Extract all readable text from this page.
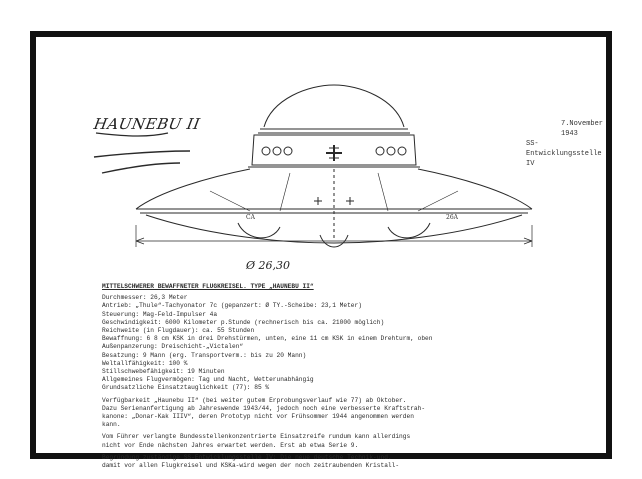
CA	26A
HAUNEBU II	7.November 1943
SS-Entwicklungsstelle IV
Ø 26,30
MITTELSCHWERER BEWAFFNETER FLUGKREISEL. TYPE „HAUNEBU II“
Durchmesser: 26,3 Meter
Antrieb: „Thule“-Tachyonator 7c (gepanzert: Ø TY.-Scheibe: 23,1 Meter)
Steuerung: Mag-Feld-Impulser 4a
Geschwindigkeit: 6000 Kilometer p.Stunde (rechnerisch bis ca. 21000 möglich)
Reichweite (in Flugdauer): ca. 55 Stunden
Bewaffnung: 6 8 cm KSK in drei Drehstürmen, unten, eine 11 cm KSK in einem Drehturm, oben
Außenpanzerung: Dreischicht-„Victalen“
Besatzung: 9 Mann (erg. Transportverm.: bis zu 20 Mann)
Weltallfähigkeit: 100 %
Stillschwebefähigkeit: 19 Minuten
Allgemeines Flugvermögen: Tag und Nacht, Wetterunabhängig
Grundsatzliche Einsatztauglichkeit (77): 85 %
Verfügbarkeit „Haunebu II“ (bei weiter gutem Erprobungsverlauf wie 77) ab Oktober.
Dazu Serienanfertigung ab Jahreswende 1943/44, jedoch noch eine verbesserte Kraftstrah-
kanone: „Donar-Kak IIIV“, deren Prototyp nicht vor Frühsommer 1944 angenommen werden
kann.
Vom Führer verlangte Bundesstellenkonzentrierte Einsatzreife rundum kann allerdings
nicht vor Ende nächsten Jahres erwartet werden. Erst ab etwa Serie 9.
Begründung zuständige SS-Entwicklungsstelle IV: Die neue deutsche Technik-und.
damit vor allen Flugkreisel und KSKa-wird wegen der noch zeitraubenden Kristall-
